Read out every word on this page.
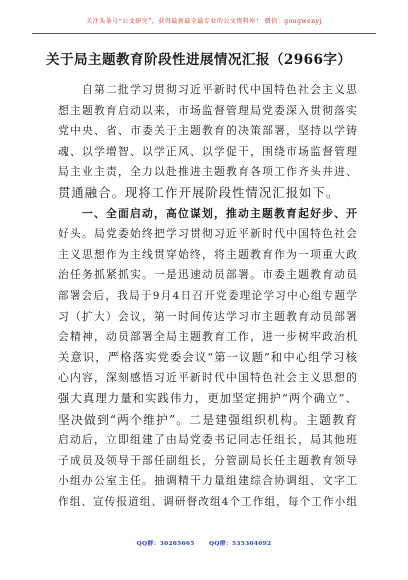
关注头条号“公文研究”，获得最新最全最专业的公文资料库！ 微信：gongwenyj
关于局主题教育阶段性进展情况汇报（2966字）
自第二批学习贯彻习近平新时代中国特色社会主义思
想主题教育启动以来，市场监督管理局党委深入贯彻落实
党中央、省、市委关于主题教育的决策部署，坚持以学铸
魂、以学增智、以学正风、以学促干，围绕市场监督管理
局主业主责，全力以赴推进主题教育各项工作齐头并进、
贯通融合。现将工作开展阶段性情况汇报如下。
一、全面启动，高位谋划，推动主题教育起好步、开
好头。局党委始终把学习贯彻习近平新时代中国特色社会
主义思想作为主线贯穿始终，将主题教育作为一项重大政
治任务抓紧抓实。一是迅速动员部署。市委主题教育动员
部署会后，我局于9月4日召开党委理论学习中心组专题学
习（扩大）会议，第一时间传达学习市主题教育动员部署
会精神，动员部署全局主题教育工作，进一步树牢政治机
关意识，严格落实党委会议“第一议题”和中心组学习核
心内容，深刻感悟习近平新时代中国特色社会主义思想的
强大真理力量和实践伟力，更加坚定拥护“两个确立”、
坚决做到“两个维护”。二是建强组织机构。主题教育
启动后，立即组建了由局党委书记同志任组长，局其他班
子成员及领导干部任副组长，分管副局长任主题教育领导
小组办公室主任。抽调精干力量组建综合协调组、文字工
作组、宣传报道组、调研督改组4个工作组，每个工作小组
QQ群：30265665 QQ群：535304092
